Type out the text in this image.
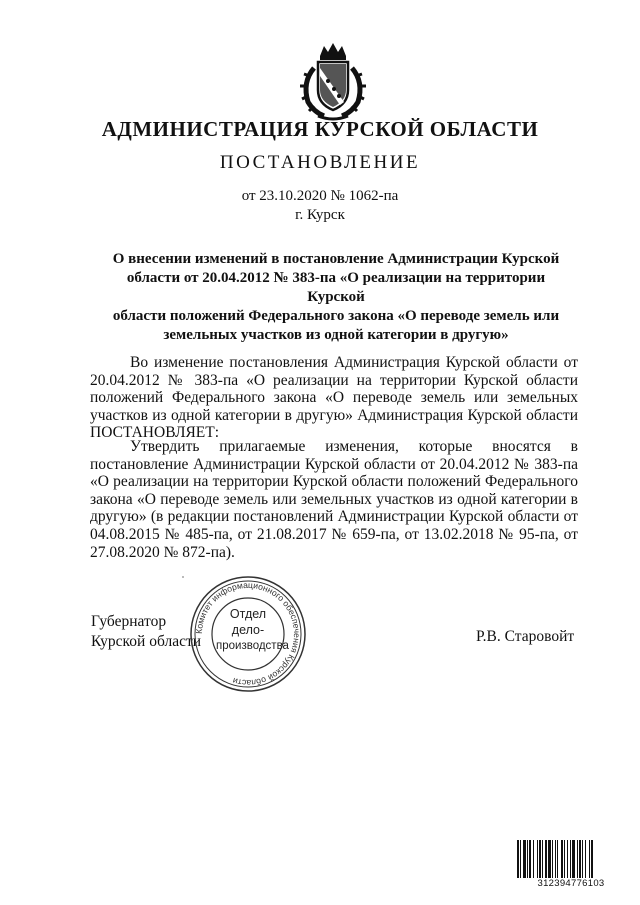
АДМИНИСТРАЦИЯ КУРСКОЙ ОБЛАСТИ
ПОСТАНОВЛЕНИЕ
от 23.10.2020 № 1062-па
г. Курск
О внесении изменений в постановление Администрации Курской
области от 20.04.2012 № 383-па «О реализации на территории Курской
области положений Федерального закона «О переводе земель или
земельных участков из одной категории в другую»
Во изменение постановления Администрация Курской области от 20.04.2012 № 383-па «О реализации на территории Курской области положений Федерального закона «О переводе земель или земельных участков из одной категории в другую» Администрация Курской области ПОСТАНОВЛЯЕТ:
Утвердить прилагаемые изменения, которые вносятся в постановление Администрации Курской области от 20.04.2012 № 383-па «О реализации на территории Курской области положений Федерального закона «О переводе земель или земельных участков из одной категории в другую» (в редакции постановлений Администрации Курской области от 04.08.2015 № 485-па, от 21.08.2017 № 659-па, от 13.02.2018 № 95-па, от 27.08.2020 № 872-па).
Губернатор
Курской области	Р.В. Старовойт
Комитет информационного обеспечения Курской области
Отдел
дело-
производства
312394776103
